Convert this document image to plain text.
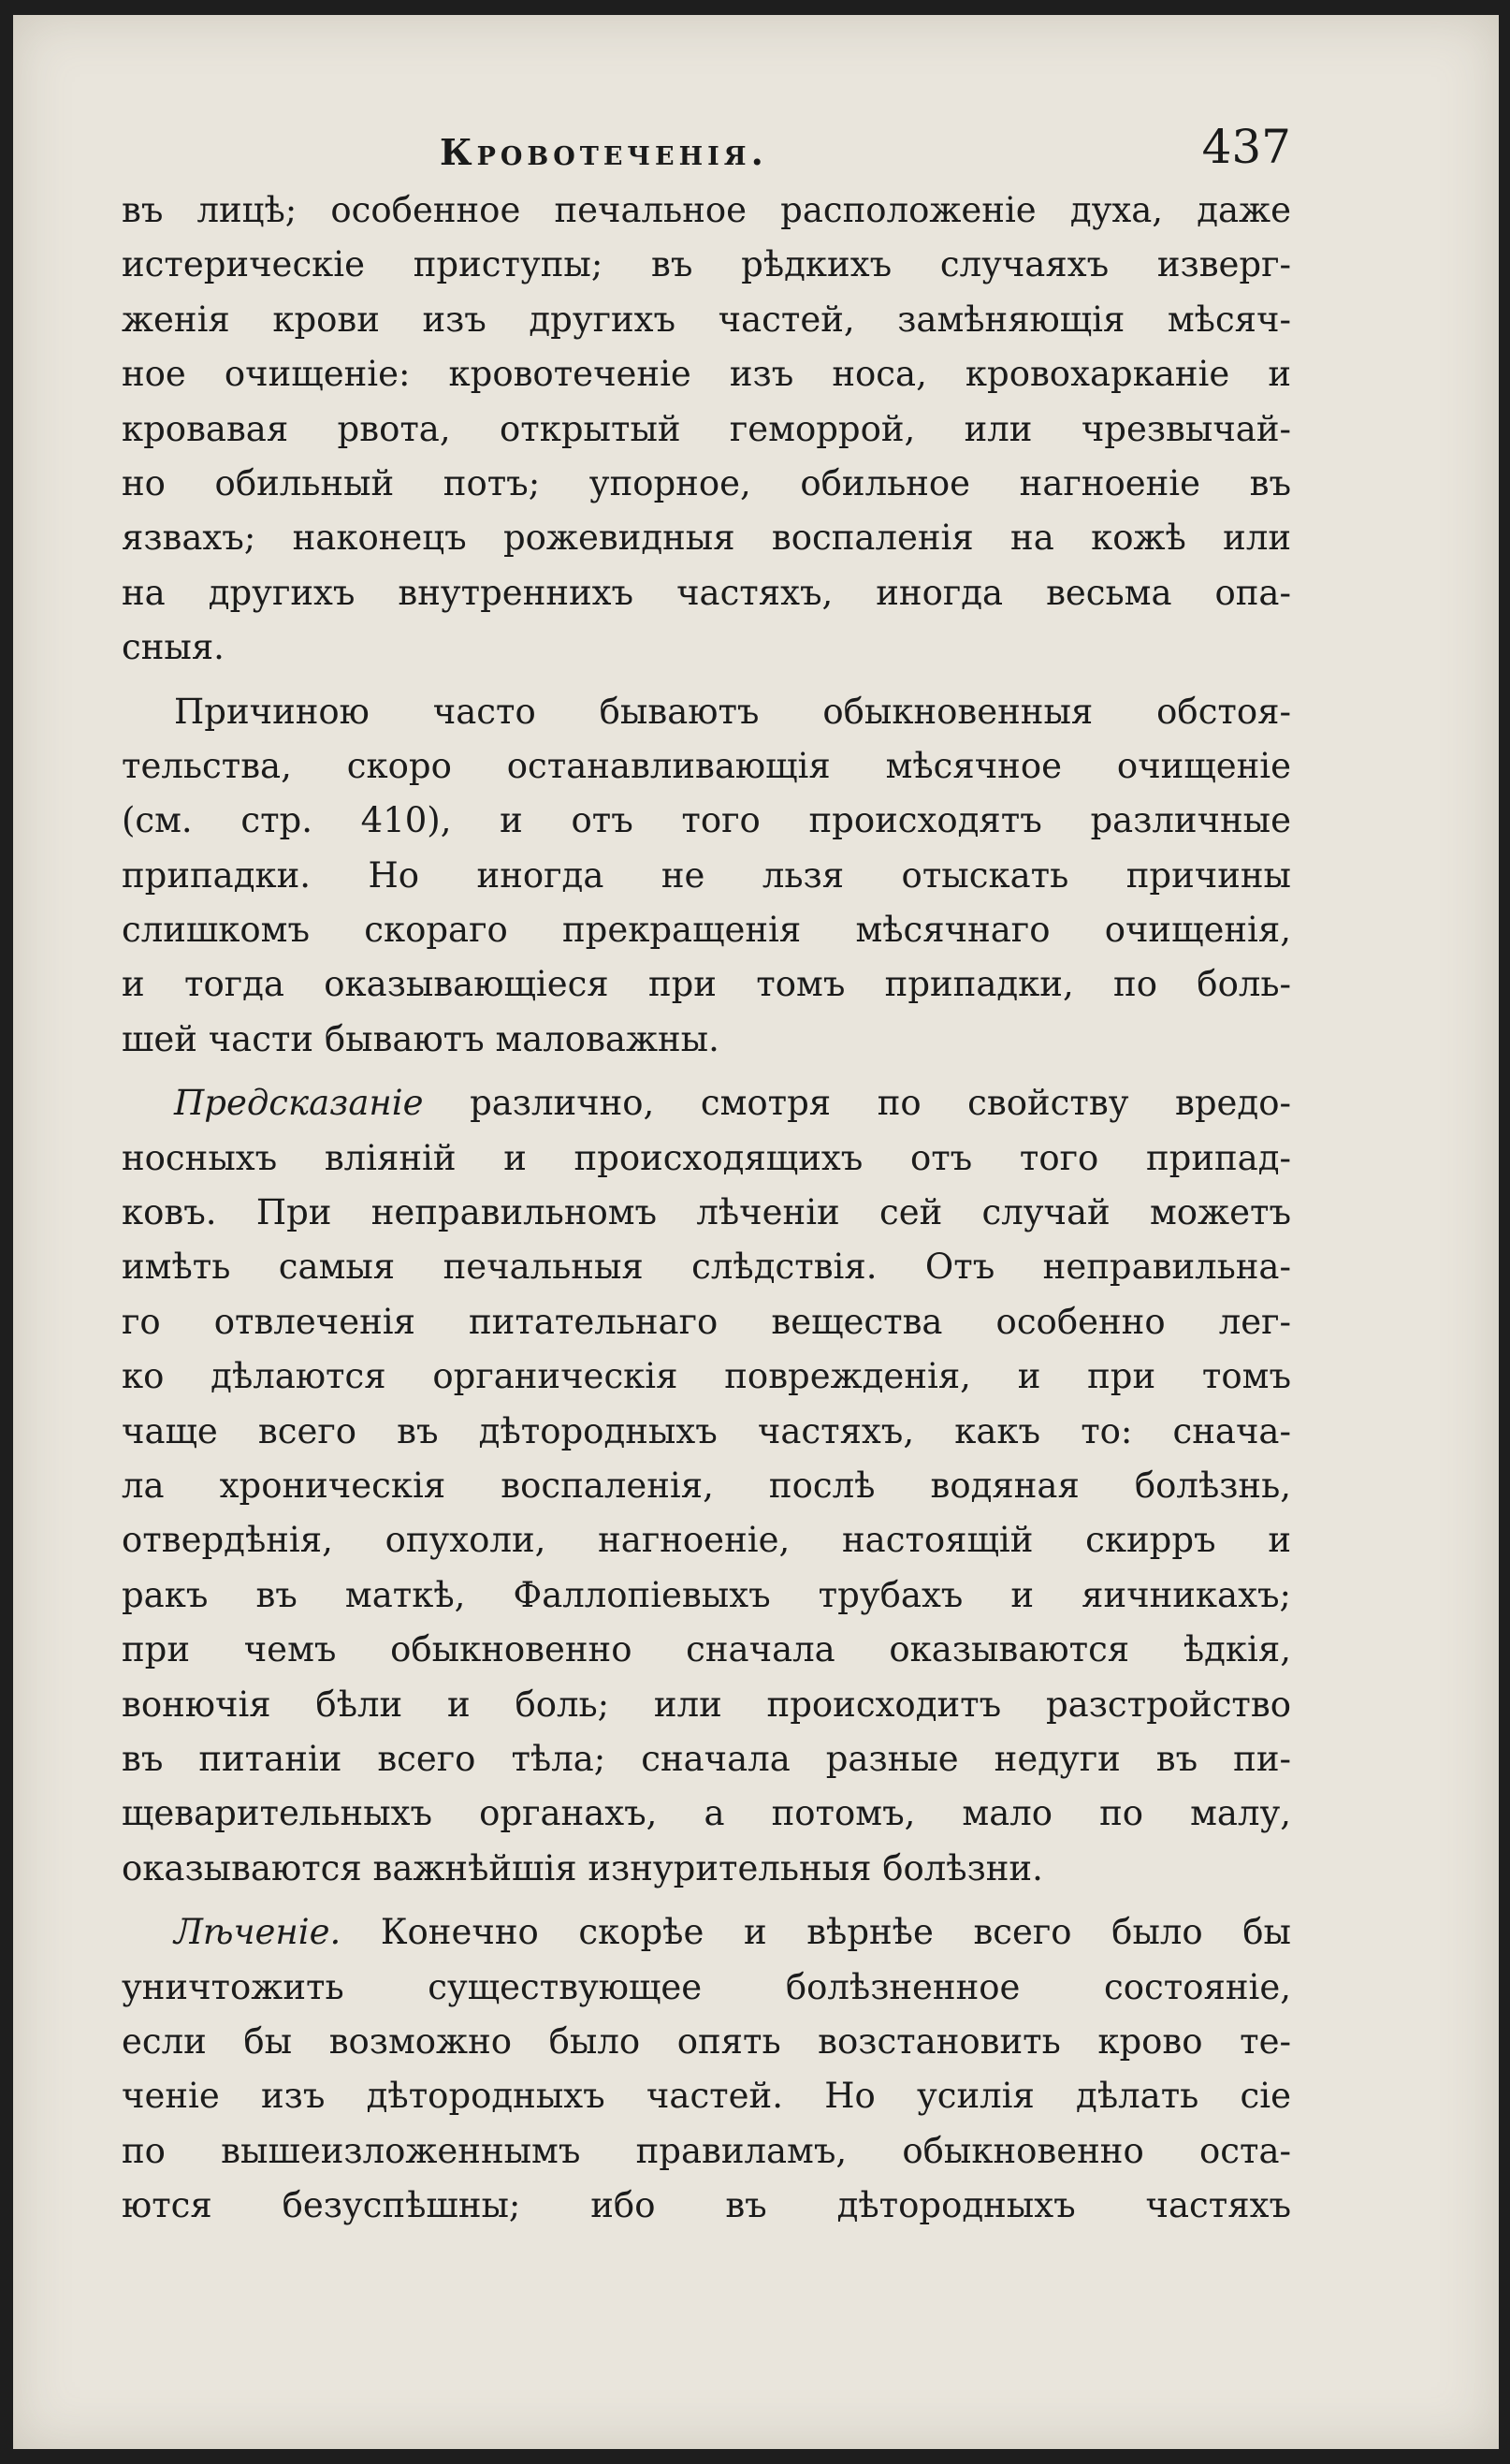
Кровотеченія.	437
въ лицѣ; особенное печальное расположеніе духа, даже
истерическіе приступы; въ рѣдкихъ случаяхъ изверг-
женія крови изъ другихъ частей, замѣняющія мѣсяч-
ное очищеніе: кровотеченіе изъ носа, кровохарканіе и
кровавая рвота, открытый геморрой, или чрезвычай-
но обильный потъ; упорное, обильное нагноеніе въ
язвахъ; наконецъ рожевидныя воспаленія на кожѣ или
на другихъ внутреннихъ частяхъ, иногда весьма опа-
сныя.
Причиною часто бываютъ обыкновенныя обстоя-
тельства, скоро останавливающія мѣсячное очищеніе
(см. стр. 410), и отъ того происходятъ различные
припадки. Но иногда не льзя отыскать причины
слишкомъ скораго прекращенія мѣсячнаго очищенія,
и тогда оказывающіеся при томъ припадки, по боль-
шей части бываютъ маловажны.
Предсказаніе различно, смотря по свойству вредо-
носныхъ вліяній и происходящихъ отъ того припад-
ковъ. При неправильномъ лѣченіи сей случай можетъ
имѣть самыя печальныя слѣдствія. Отъ неправильна-
го отвлеченія питательнаго вещества особенно лег-
ко дѣлаются органическія поврежденія, и при томъ
чаще всего въ дѣтородныхъ частяхъ, какъ то: снача-
ла хроническія воспаленія, послѣ водяная болѣзнь,
отвердѣнія, опухоли, нагноеніе, настоящій скирръ и
ракъ въ маткѣ, Фаллопіевыхъ трубахъ и яичникахъ;
при чемъ обыкновенно сначала оказываются ѣдкія,
вонючія бѣли и боль; или происходитъ разстройство
въ питаніи всего тѣла; сначала разные недуги въ пи-
щеварительныхъ органахъ, а потомъ, мало по малу,
оказываются важнѣйшія изнурительныя болѣзни.
Лѣченіе. Конечно скорѣе и вѣрнѣе всего было бы
уничтожить существующее болѣзненное состояніе,
если бы возможно было опять возстановить крово те-
ченіе изъ дѣтородныхъ частей. Но усилія дѣлать сіе
по вышеизложеннымъ правиламъ, обыкновенно оста-
ются безуспѣшны; ибо въ дѣтородныхъ частяхъ
